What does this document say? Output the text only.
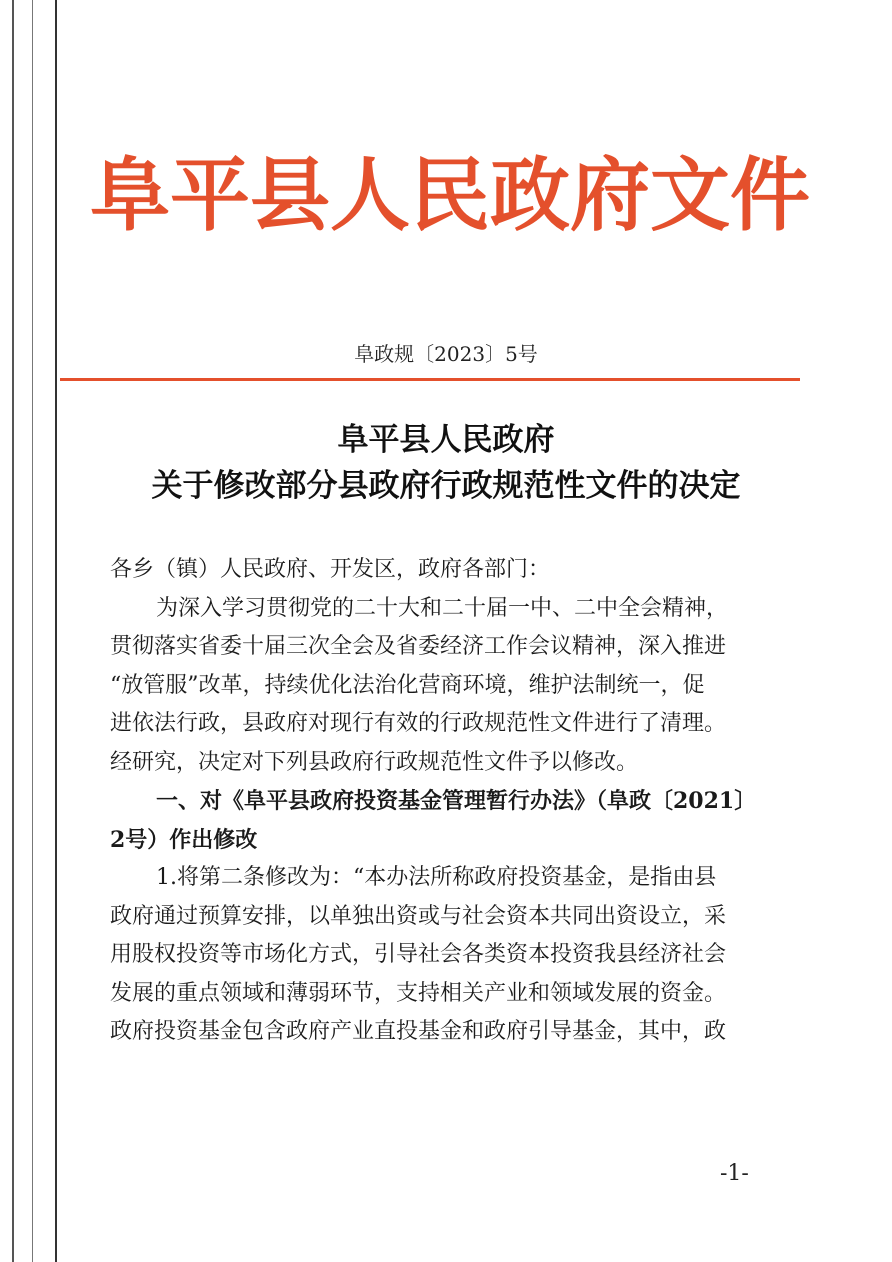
阜平县人民政府文件
阜政规〔2023〕5号
阜平县人民政府
关于修改部分县政府行政规范性文件的决定
各乡（镇）人民政府、开发区，政府各部门：
为深入学习贯彻党的二十大和二十届一中、二中全会精神，
贯彻落实省委十届三次全会及省委经济工作会议精神，深入推进
“放管服”改革，持续优化法治化营商环境，维护法制统一，促
进依法行政，县政府对现行有效的行政规范性文件进行了清理。
经研究，决定对下列县政府行政规范性文件予以修改。
一、对《阜平县政府投资基金管理暂行办法》（阜政〔2021〕
2号）作出修改
1.将第二条修改为：“本办法所称政府投资基金，是指由县
政府通过预算安排，以单独出资或与社会资本共同出资设立，采
用股权投资等市场化方式，引导社会各类资本投资我县经济社会
发展的重点领域和薄弱环节，支持相关产业和领域发展的资金。
政府投资基金包含政府产业直投基金和政府引导基金，其中，政
-1-
